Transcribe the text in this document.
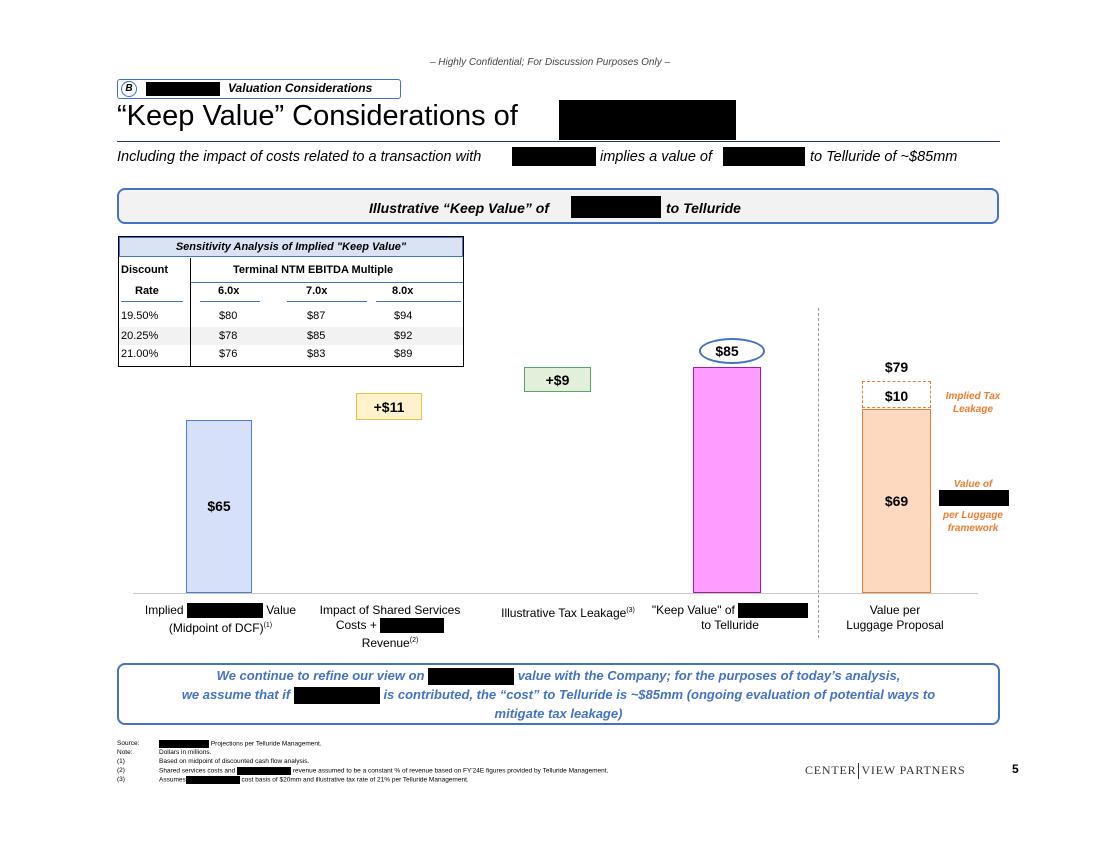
– Highly Confidential; For Discussion Purposes Only –
B	Valuation Considerations
“Keep Value” Considerations of
Including the impact of costs related to a transaction with	implies a value of	to Telluride of ~$85mm
Illustrative “Keep Value” of	to Telluride
Sensitivity Analysis of Implied "Keep Value"
Discount
Rate
Terminal NTM EBITDA Multiple
6.0x	7.0x	8.0x
19.50%	$80	$87	$94
20.25%	$78	$85	$92
21.00%	$76	$83	$89
$65
+$11
+$9
$85
$69
$10
$79
Implied Tax Leakage
Value of
per Luggage framework
Implied	Value
(Midpoint of DCF)$^{(1)}$
Impact of Shared Services
Costs +
Revenue$^{(2)}$
Illustrative Tax Leakage$^{(3)}$	"Keep Value" of
to Telluride
Value per
Luggage Proposal
We continue to refine our view on	value with the Company; for the purposes of today’s analysis,
we assume that if	is contributed, the “cost” to Telluride is ~$85mm (ongoing evaluation of potential ways to
mitigate tax leakage)
Source:	Projections per Telluride Management.
Note:	Dollars in millions.
(1)	Based on midpoint of discounted cash flow analysis.
(2)	Shared services costs and	revenue assumed to be a constant % of revenue based on FY'24E figures provided by Telluride Management.
(3)	Assumes	cost basis of $20mm and illustrative tax rate of 21% per Telluride Management.
CENTER VIEW PARTNERS	5
